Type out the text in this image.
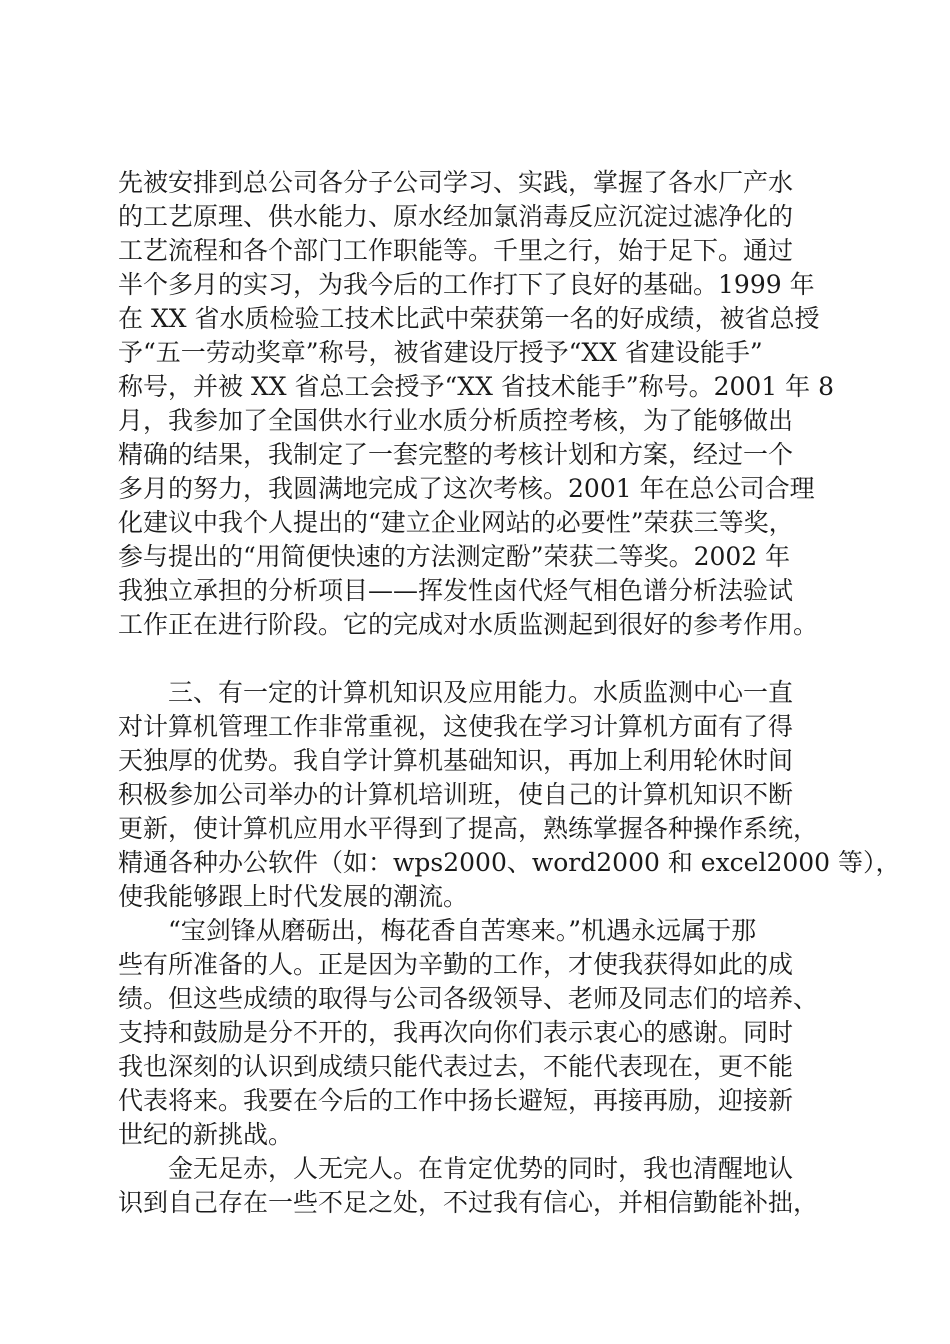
先被安排到总公司各分子公司学习、实践，掌握了各水厂产水
的工艺原理、供水能力、原水经加氯消毒反应沉淀过滤净化的
工艺流程和各个部门工作职能等。千里之行，始于足下。通过
半个多月的实习，为我今后的工作打下了良好的基础。1999 年
在 XX 省水质检验工技术比武中荣获第一名的好成绩，被省总授
予“五一劳动奖章”称号，被省建设厅授予“XX 省建设能手”
称号，并被 XX 省总工会授予“XX 省技术能手”称号。2001 年 8
月，我参加了全国供水行业水质分析质控考核，为了能够做出
精确的结果，我制定了一套完整的考核计划和方案，经过一个
多月的努力，我圆满地完成了这次考核。2001 年在总公司合理
化建议中我个人提出的“建立企业网站的必要性”荣获三等奖，
参与提出的“用简便快速的方法测定酚”荣获二等奖。2002 年
我独立承担的分析项目——挥发性卤代烃气相色谱分析法验试
工作正在进行阶段。它的完成对水质监测起到很好的参考作用。
三、有一定的计算机知识及应用能力。水质监测中心一直
对计算机管理工作非常重视，这使我在学习计算机方面有了得
天独厚的优势。我自学计算机基础知识，再加上利用轮休时间
积极参加公司举办的计算机培训班，使自己的计算机知识不断
更新，使计算机应用水平得到了提高，熟练掌握各种操作系统，
精通各种办公软件（如：wps2000、word2000 和 excel2000 等），
使我能够跟上时代发展的潮流。
“宝剑锋从磨砺出，梅花香自苦寒来。”机遇永远属于那
些有所准备的人。正是因为辛勤的工作，才使我获得如此的成
绩。但这些成绩的取得与公司各级领导、老师及同志们的培养、
支持和鼓励是分不开的，我再次向你们表示衷心的感谢。同时
我也深刻的认识到成绩只能代表过去，不能代表现在，更不能
代表将来。我要在今后的工作中扬长避短，再接再励，迎接新
世纪的新挑战。
金无足赤，人无完人。在肯定优势的同时，我也清醒地认
识到自己存在一些不足之处，不过我有信心，并相信勤能补拙，
